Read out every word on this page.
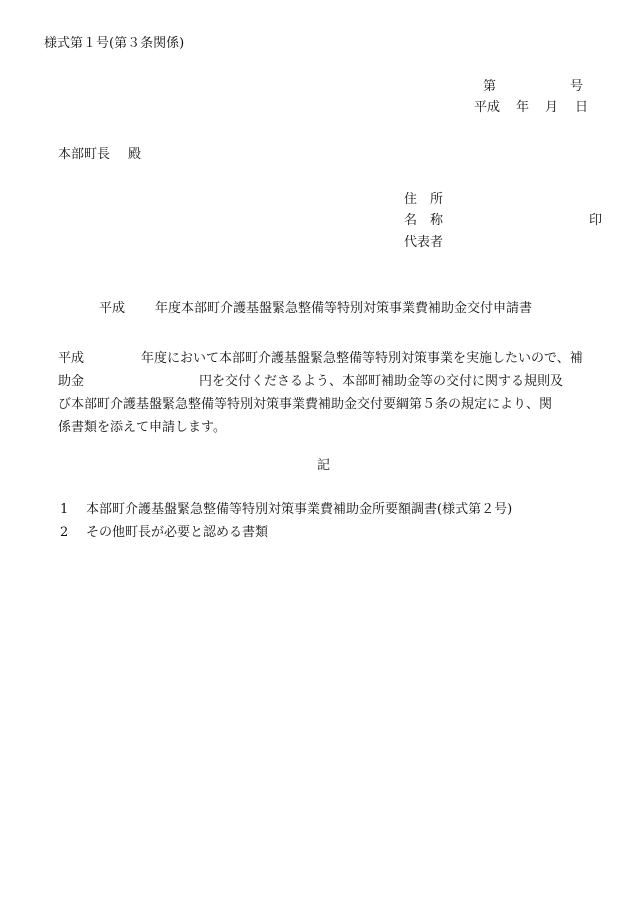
様式第１号(第３条関係)
第	号
平成 年 月 日
本部町長 殿
住　所
名　称	印
代表者
平成 年度本部町介護基盤緊急整備等特別対策事業費補助金交付申請書
平成	年度において本部町介護基盤緊急整備等特別対策事業を実施したいので、補
助金	円を交付くださるよう、本部町補助金等の交付に関する規則及
び本部町介護基盤緊急整備等特別対策事業費補助金交付要綱第５条の規定により、関
係書類を添えて申請します。
記
1 本部町介護基盤緊急整備等特別対策事業費補助金所要額調書(様式第２号)
2 その他町長が必要と認める書類
